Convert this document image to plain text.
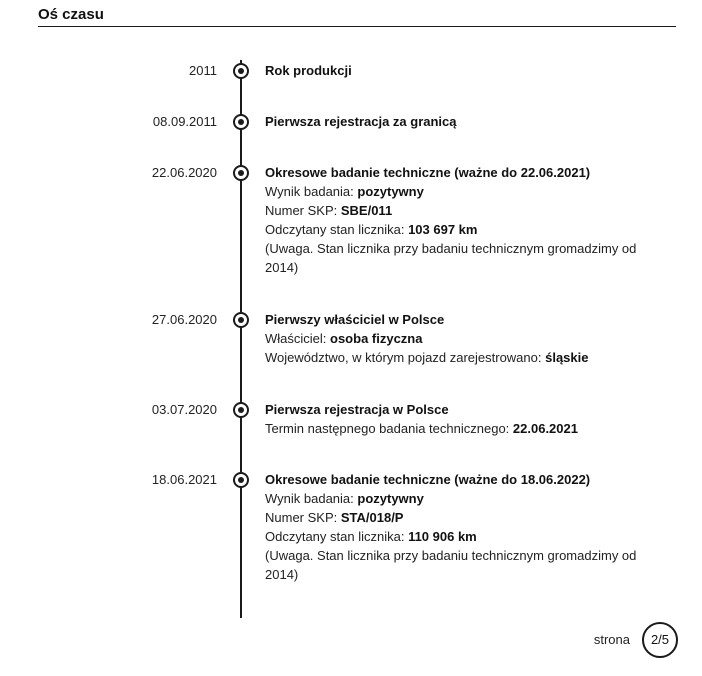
Oś czasu
2011	Rok produkcji
08.09.2011	Pierwsza rejestracja za granicą
22.06.2020	Okresowe badanie techniczne (ważne do 22.06.2021)
Wynik badania: pozytywny
Numer SKP: SBE/011
Odczytany stan licznika: 103 697 km
(Uwaga. Stan licznika przy badaniu technicznym gromadzimy od 2014)
27.06.2020	Pierwszy właściciel w Polsce
Właściciel: osoba fizyczna
Województwo, w którym pojazd zarejestrowano: śląskie
03.07.2020	Pierwsza rejestracja w Polsce
Termin następnego badania technicznego: 22.06.2021
18.06.2021	Okresowe badanie techniczne (ważne do 18.06.2022)
Wynik badania: pozytywny
Numer SKP: STA/018/P
Odczytany stan licznika: 110 906 km
(Uwaga. Stan licznika przy badaniu technicznym gromadzimy od 2014)
strona	2/5
